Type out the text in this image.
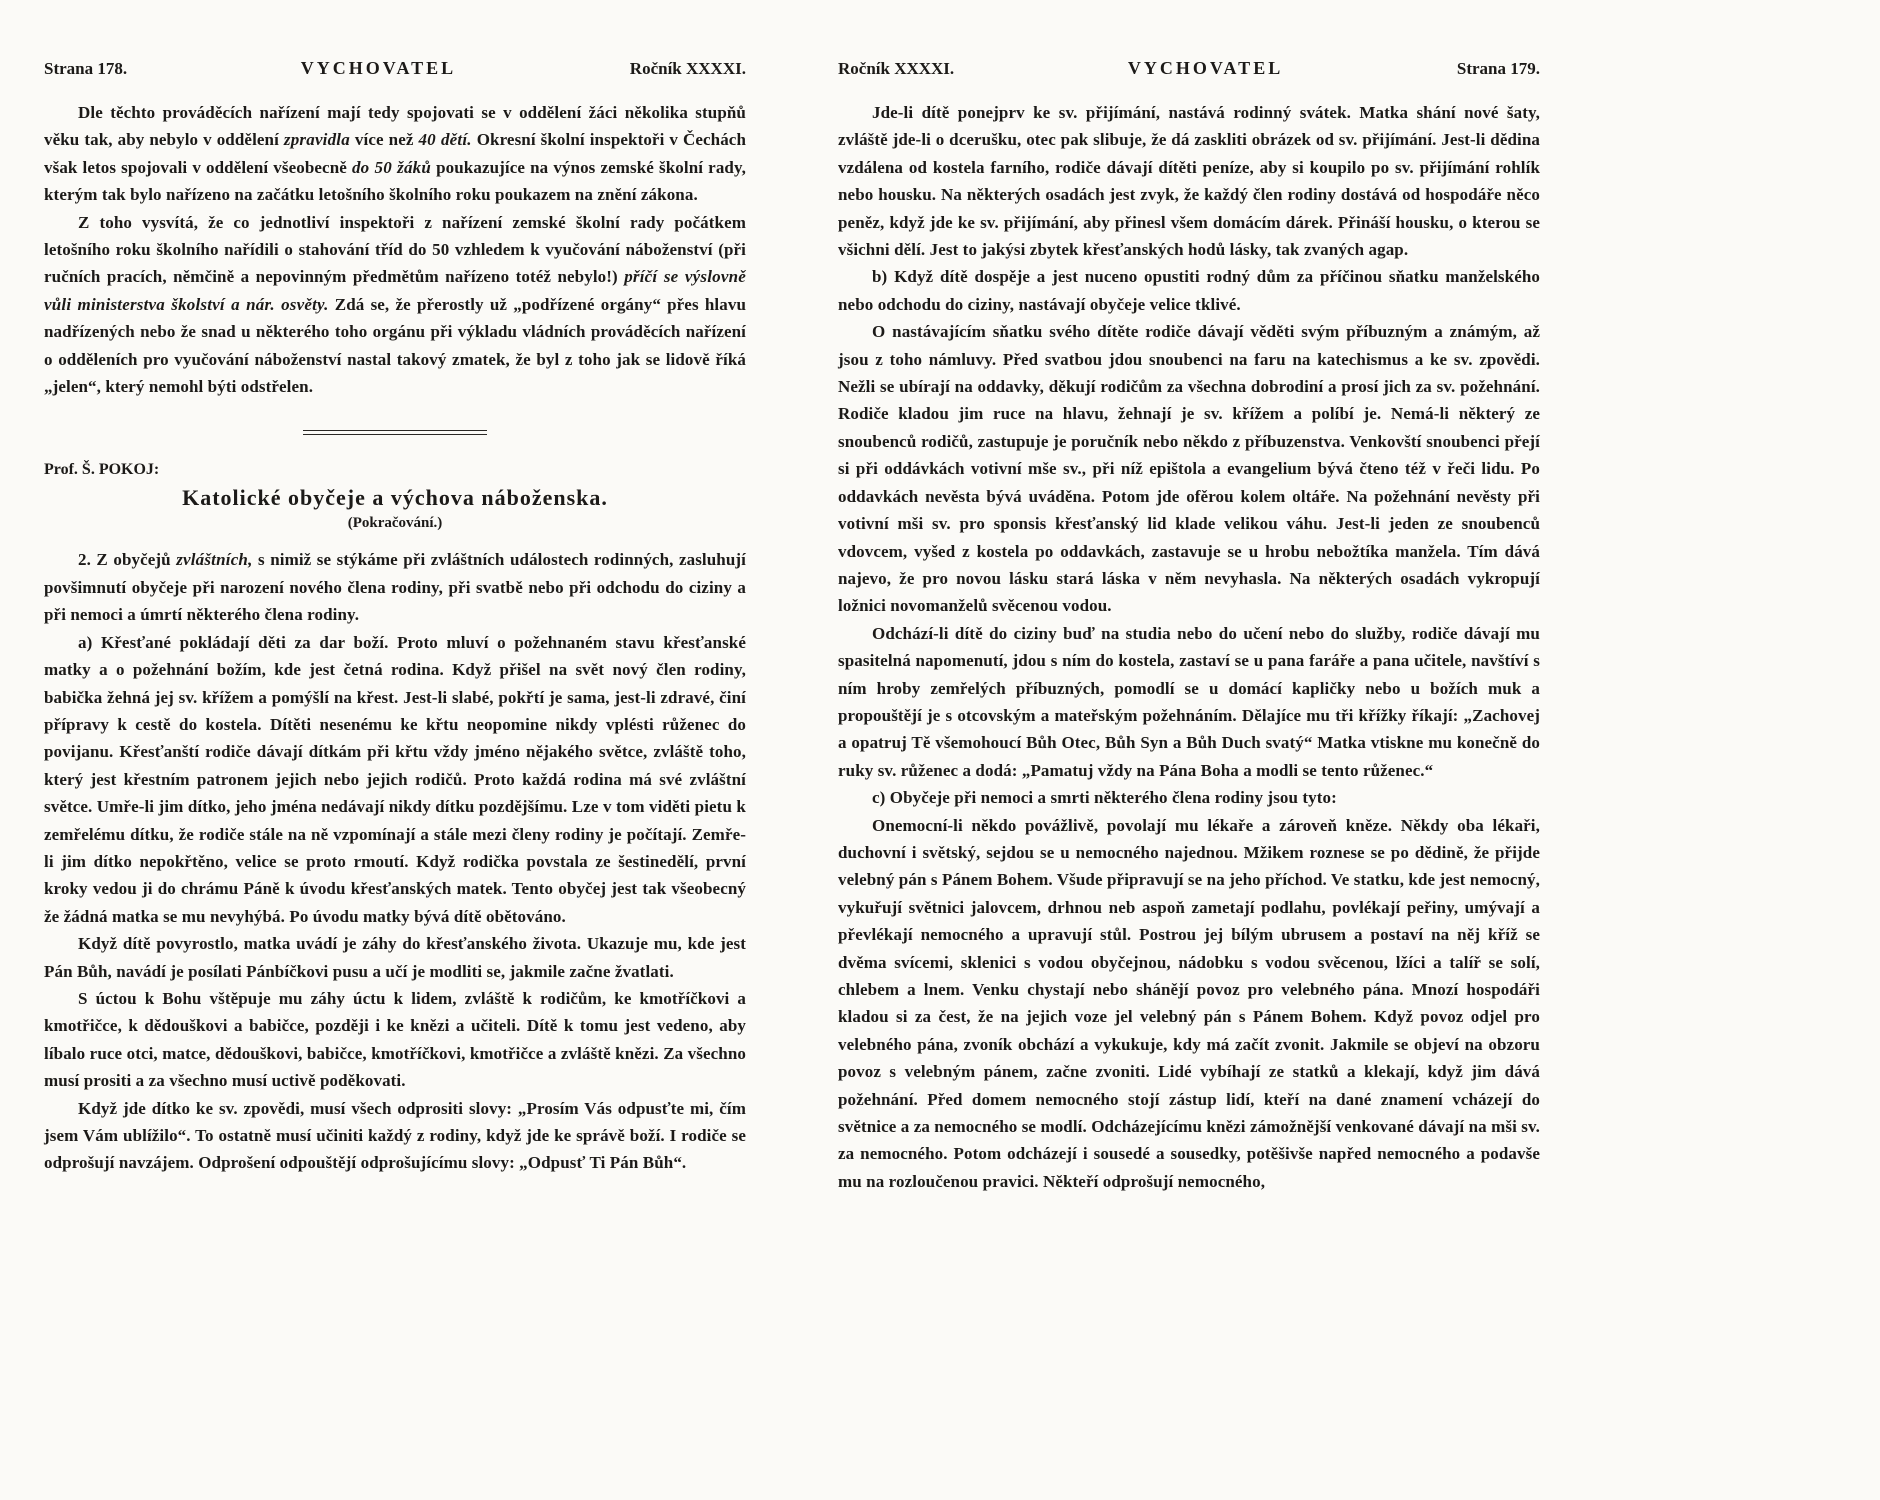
Strana 178.	VYCHOVATEL	Ročník XXXXI.

Dle těchto prováděcích nařízení mají tedy spojovati se v oddělení žáci několika stupňů věku tak, aby nebylo v oddělení zpravidla více než 40 dětí. Okresní školní inspektoři v Čechách však letos spojovali v oddělení všeobecně do 50 žáků poukazujíce na výnos zemské školní rady, kterým tak bylo nařízeno na začátku letošního školního roku poukazem na znění zákona.

Z toho vysvítá, že co jednotliví inspektoři z nařízení zemské školní rady počátkem letošního roku školního nařídili o stahování tříd do 50 vzhledem k vyučování náboženství (při ručních pracích, němčině a nepovinným předmětům nařízeno totéž nebylo!) příčí se výslovně vůli ministerstva školství a nár. osvěty. Zdá se, že přerostly už „podřízené orgány“ přes hlavu nadřízených nebo že snad u některého toho orgánu při výkladu vládních prováděcích nařízení o odděleních pro vyučování náboženství nastal takový zmatek, že byl z toho jak se lidově říká „jelen“, který nemohl býti odstřelen.

Prof. Š. POKOJ:
Katolické obyčeje a výchova náboženska.
(Pokračování.)

2. Z obyčejů zvláštních, s nimiž se stýkáme při zvláštních událostech rodinných, zasluhují povšimnutí obyčeje při narození nového člena rodiny, při svatbě nebo při odchodu do ciziny a při nemoci a úmrtí některého člena rodiny.

a) Křesťané pokládají děti za dar boží. Proto mluví o požehnaném stavu křesťanské matky a o požehnání božím, kde jest četná rodina. Když přišel na svět nový člen rodiny, babička žehná jej sv. křížem a pomýšlí na křest. Jest-li slabé, pokřtí je sama, jest-li zdravé, činí přípravy k cestě do kostela. Dítěti nesenému ke křtu neopomine nikdy vplésti růženec do povijanu. Křesťanští rodiče dávají dítkám při křtu vždy jméno nějakého světce, zvláště toho, který jest křestním patronem jejich nebo jejich rodičů. Proto každá rodina má své zvláštní světce. Umře-li jim dítko, jeho jména nedávají nikdy dítku pozdějšímu. Lze v tom viděti pietu k zemřelému dítku, že rodiče stále na ně vzpomínají a stále mezi členy rodiny je počítají. Zemře-li jim dítko nepokřtěno, velice se proto rmoutí. Když rodička povstala ze šestinedělí, první kroky vedou ji do chrámu Páně k úvodu křesťanských matek. Tento obyčej jest tak všeobecný že žádná matka se mu nevyhýbá. Po úvodu matky bývá dítě obětováno.

Když dítě povyrostlo, matka uvádí je záhy do křesťanského života. Ukazuje mu, kde jest Pán Bůh, navádí je posílati Pánbíčkovi pusu a učí je modliti se, jakmile začne žvatlati.

S úctou k Bohu vštěpuje mu záhy úctu k lidem, zvláště k rodičům, ke kmotříčkovi a kmotřičce, k dědouškovi a babičce, později i ke knězi a učiteli. Dítě k tomu jest vedeno, aby líbalo ruce otci, matce, dědouškovi, babičce, kmotříčkovi, kmotřičce a zvláště knězi. Za všechno musí prositi a za všechno musí uctivě poděkovati.

Když jde dítko ke sv. zpovědi, musí všech odprositi slovy: „Prosím Vás odpusťte mi, čím jsem Vám ublížilo“. To ostatně musí učiniti každý z rodiny, když jde ke správě boží. I rodiče se odprošují navzájem. Odprošení odpouštějí odprošujícímu slovy: „Odpusť Ti Pán Bůh“.

Ročník XXXXI.	VYCHOVATEL	Strana 179.

Jde-li dítě ponejprv ke sv. přijímání, nastává rodinný svátek. Matka shání nové šaty, zvláště jde-li o dcerušku, otec pak slibuje, že dá zaskliti obrázek od sv. přijímání. Jest-li dědina vzdálena od kostela farního, rodiče dávají dítěti peníze, aby si koupilo po sv. přijímání rohlík nebo housku. Na některých osadách jest zvyk, že každý člen rodiny dostává od hospodáře něco peněz, když jde ke sv. přijímání, aby přinesl všem domácím dárek. Přináší housku, o kterou se všichni dělí. Jest to jakýsi zbytek křesťanských hodů lásky, tak zvaných agap.

b) Když dítě dospěje a jest nuceno opustiti rodný dům za příčinou sňatku manželského nebo odchodu do ciziny, nastávají obyčeje velice tklivé.

O nastávajícím sňatku svého dítěte rodiče dávají věděti svým příbuzným a známým, až jsou z toho námluvy. Před svatbou jdou snoubenci na faru na katechismus a ke sv. zpovědi. Nežli se ubírají na oddavky, děkují rodičům za všechna dobrodiní a prosí jich za sv. požehnání. Rodiče kladou jim ruce na hlavu, žehnají je sv. křížem a políbí je. Nemá-li některý ze snoubenců rodičů, zastupuje je poručník nebo někdo z příbuzenstva. Venkovští snoubenci přejí si při oddávkách votivní mše sv., při níž epištola a evangelium bývá čteno též v řeči lidu. Po oddavkách nevěsta bývá uváděna. Potom jde ofěrou kolem oltáře. Na požehnání nevěsty při votivní mši sv. pro sponsis křesťanský lid klade velikou váhu. Jest-li jeden ze snoubenců vdovcem, vyšed z kostela po oddavkách, zastavuje se u hrobu nebožtíka manžela. Tím dává najevo, že pro novou lásku stará láska v něm nevyhasla. Na některých osadách vykropují ložnici novomanželů svěcenou vodou.

Odchází-li dítě do ciziny buď na studia nebo do učení nebo do služby, rodiče dávají mu spasitelná napomenutí, jdou s ním do kostela, zastaví se u pana faráře a pana učitele, navštíví s ním hroby zemřelých příbuzných, pomodlí se u domácí kapličky nebo u božích muk a propouštějí je s otcovským a mateřským požehnáním. Dělajíce mu tři křížky říkají: „Zachovej a opatruj Tě všemohoucí Bůh Otec, Bůh Syn a Bůh Duch svatý“ Matka vtiskne mu konečně do ruky sv. růženec a dodá: „Pamatuj vždy na Pána Boha a modli se tento růženec.“

c) Obyčeje při nemoci a smrti některého člena rodiny jsou tyto:

Onemocní-li někdo povážlivě, povolají mu lékaře a zároveň kněze. Někdy oba lékaři, duchovní i světský, sejdou se u nemocného najednou. Mžikem roznese se po dědině, že přijde velebný pán s Pánem Bohem. Všude připravují se na jeho příchod. Ve statku, kde jest nemocný, vykuřují světnici jalovcem, drhnou neb aspoň zametají podlahu, povlékají peřiny, umývají a převlékají nemocného a upravují stůl. Postrou jej bílým ubrusem a postaví na něj kříž se dvěma svícemi, sklenici s vodou obyčejnou, nádobku s vodou svěcenou, lžíci a talíř se solí, chlebem a lnem. Venku chystají nebo shánějí povoz pro velebného pána. Mnozí hospodáři kladou si za čest, že na jejich voze jel velebný pán s Pánem Bohem. Když povoz odjel pro velebného pána, zvoník obchází a vykukuje, kdy má začít zvonit. Jakmile se objeví na obzoru povoz s velebným pánem, začne zvoniti. Lidé vybíhají ze statků a klekají, když jim dává požehnání. Před domem nemocného stojí zástup lidí, kteří na dané znamení vcházejí do světnice a za nemocného se modlí. Odcházejícímu knězi zámožnější venkované dávají na mši sv. za nemocného. Potom odcházejí i sousedé a sousedky, potěšivše napřed nemocného a podavše mu na rozloučenou pravici. Někteří odprošují nemocného,
